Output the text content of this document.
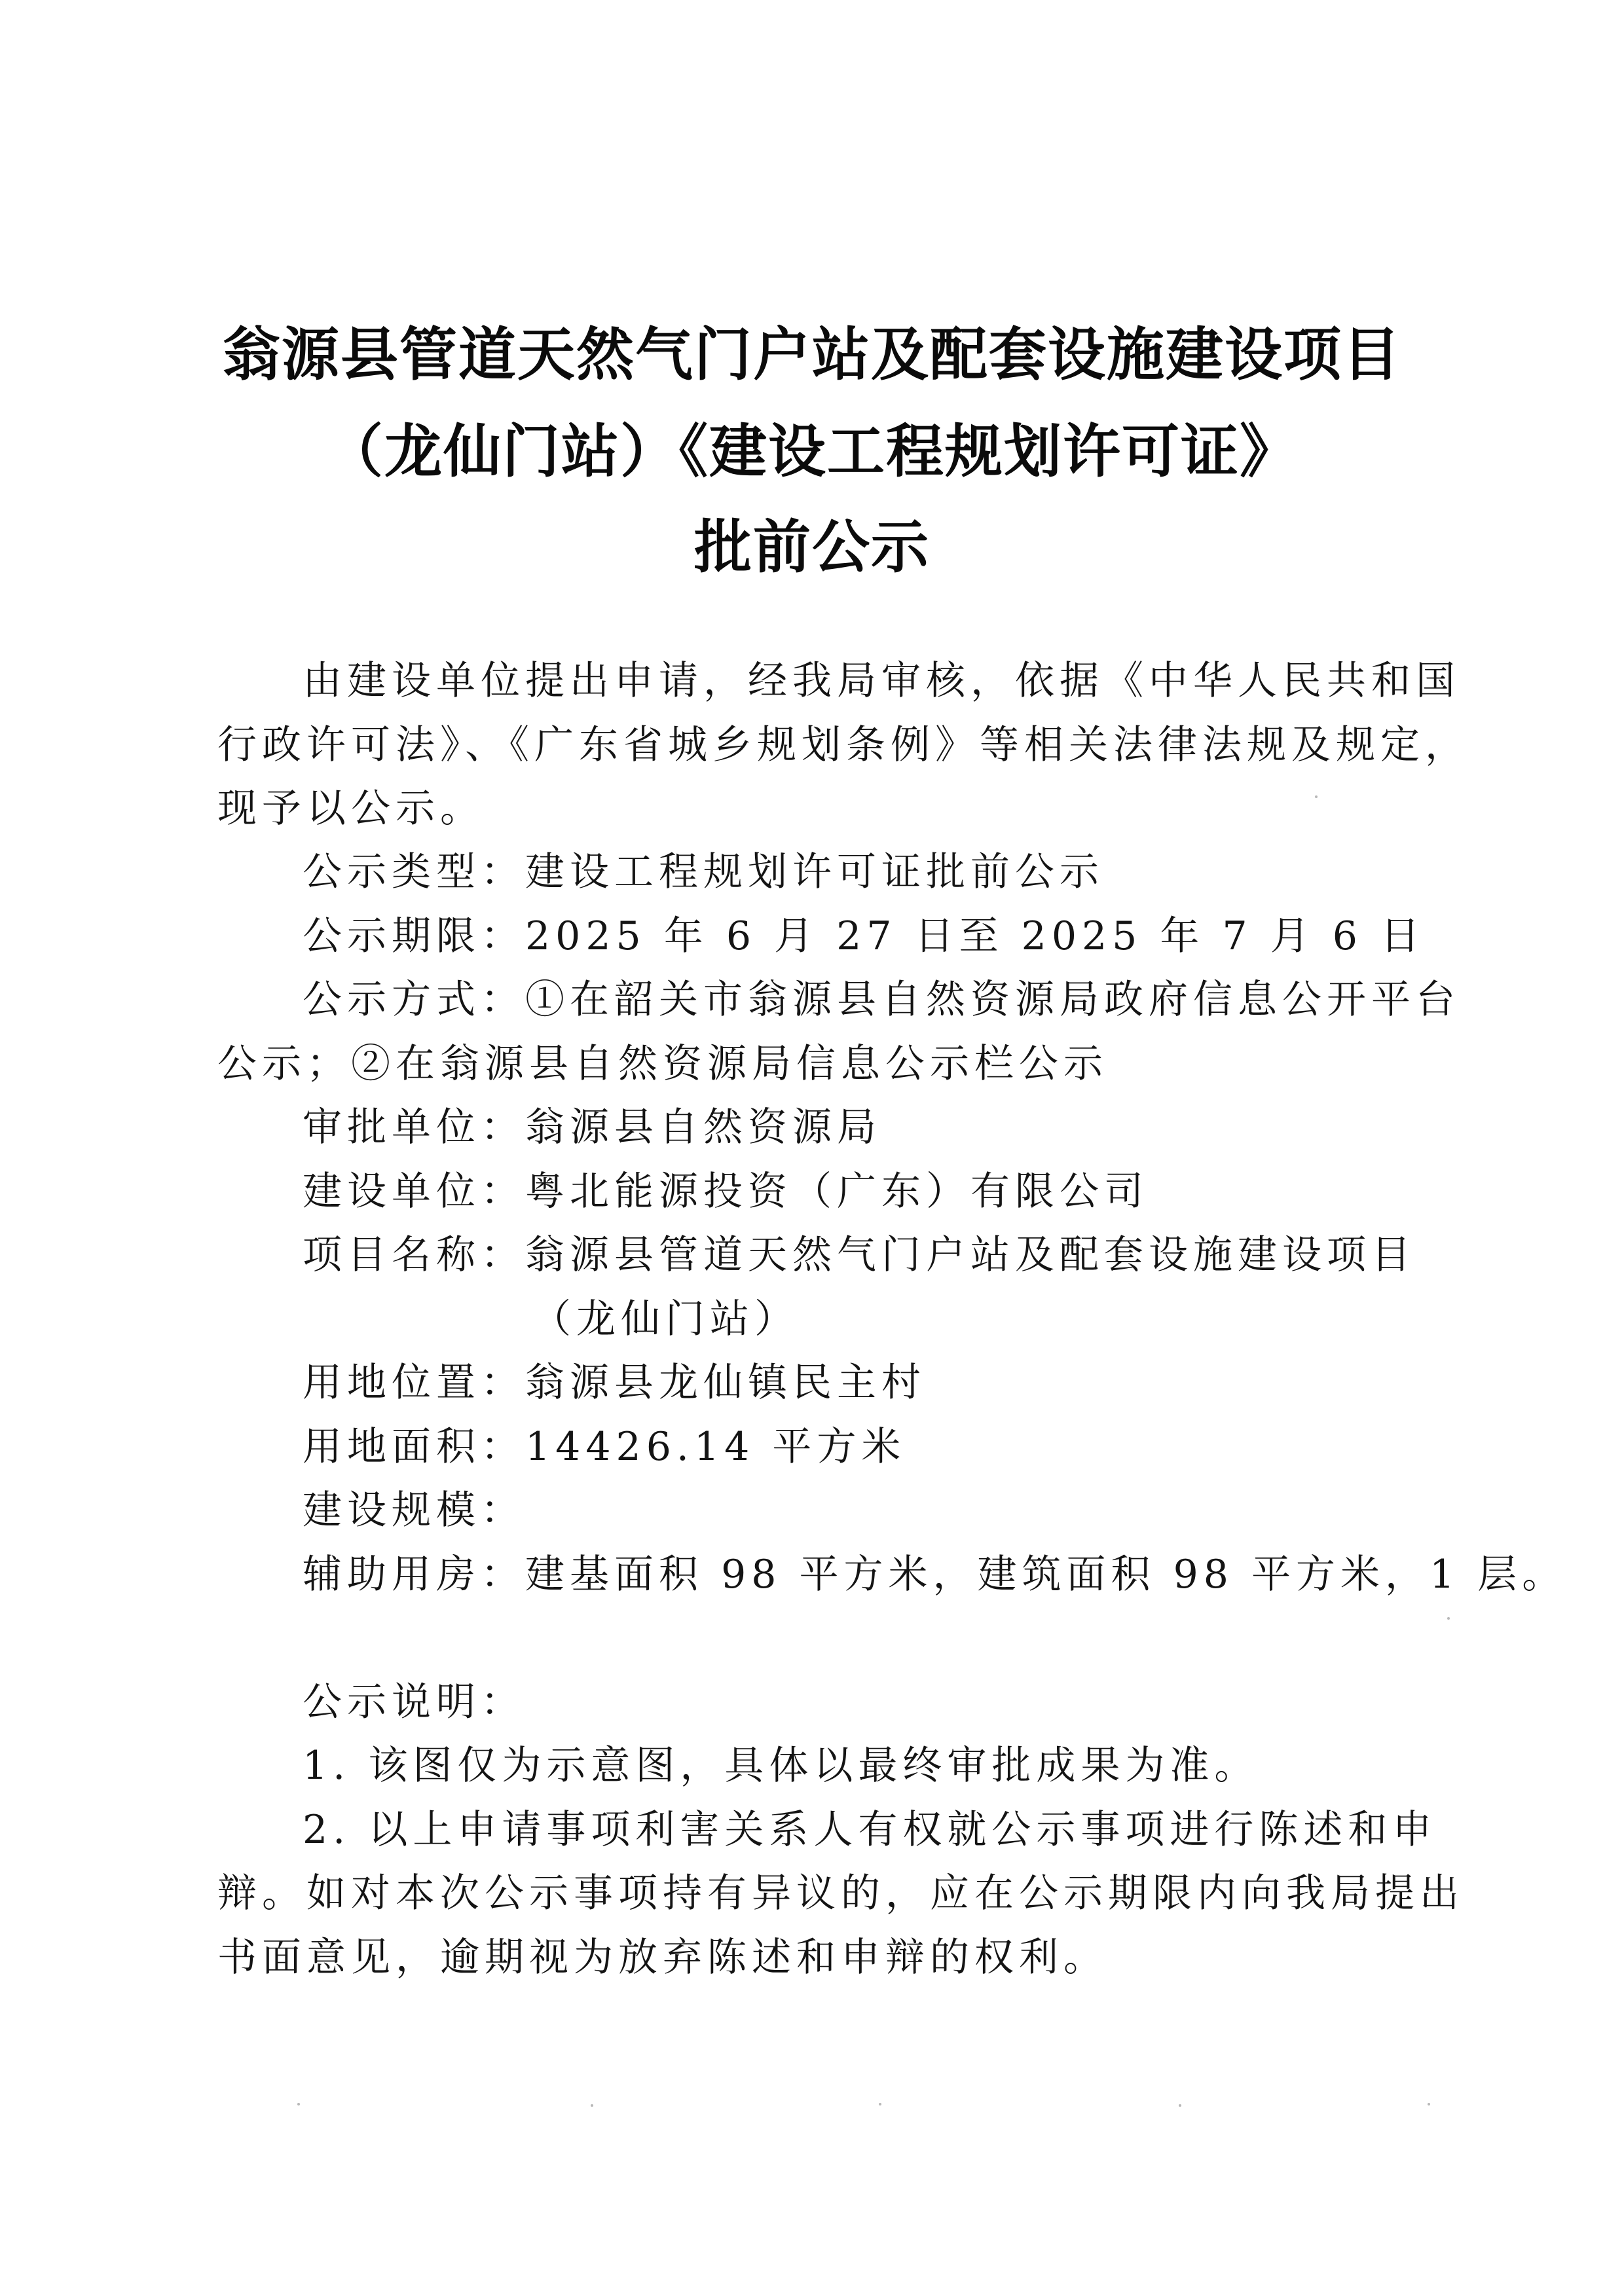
翁源县管道天然气门户站及配套设施建设项目
（龙仙门站）《建设工程规划许可证》
批前公示
由建设单位提出申请，经我局审核，依据《中华人民共和国
行政许可法》、《广东省城乡规划条例》等相关法律法规及规定，
现予以公示。
公示类型：建设工程规划许可证批前公示
公示期限：2025 年 6 月 27 日至 2025 年 7 月 6 日
公示方式：①在韶关市翁源县自然资源局政府信息公开平台
公示；②在翁源县自然资源局信息公示栏公示
审批单位：翁源县自然资源局
建设单位：粤北能源投资（广东）有限公司
项目名称：翁源县管道天然气门户站及配套设施建设项目
（龙仙门站）
用地位置：翁源县龙仙镇民主村
用地面积：14426.14 平方米
建设规模：
辅助用房：建基面积 98 平方米，建筑面积 98 平方米，1 层。
公示说明：
1. 该图仅为示意图，具体以最终审批成果为准。
2. 以上申请事项利害关系人有权就公示事项进行陈述和申
辩。如对本次公示事项持有异议的，应在公示期限内向我局提出
书面意见，逾期视为放弃陈述和申辩的权利。
